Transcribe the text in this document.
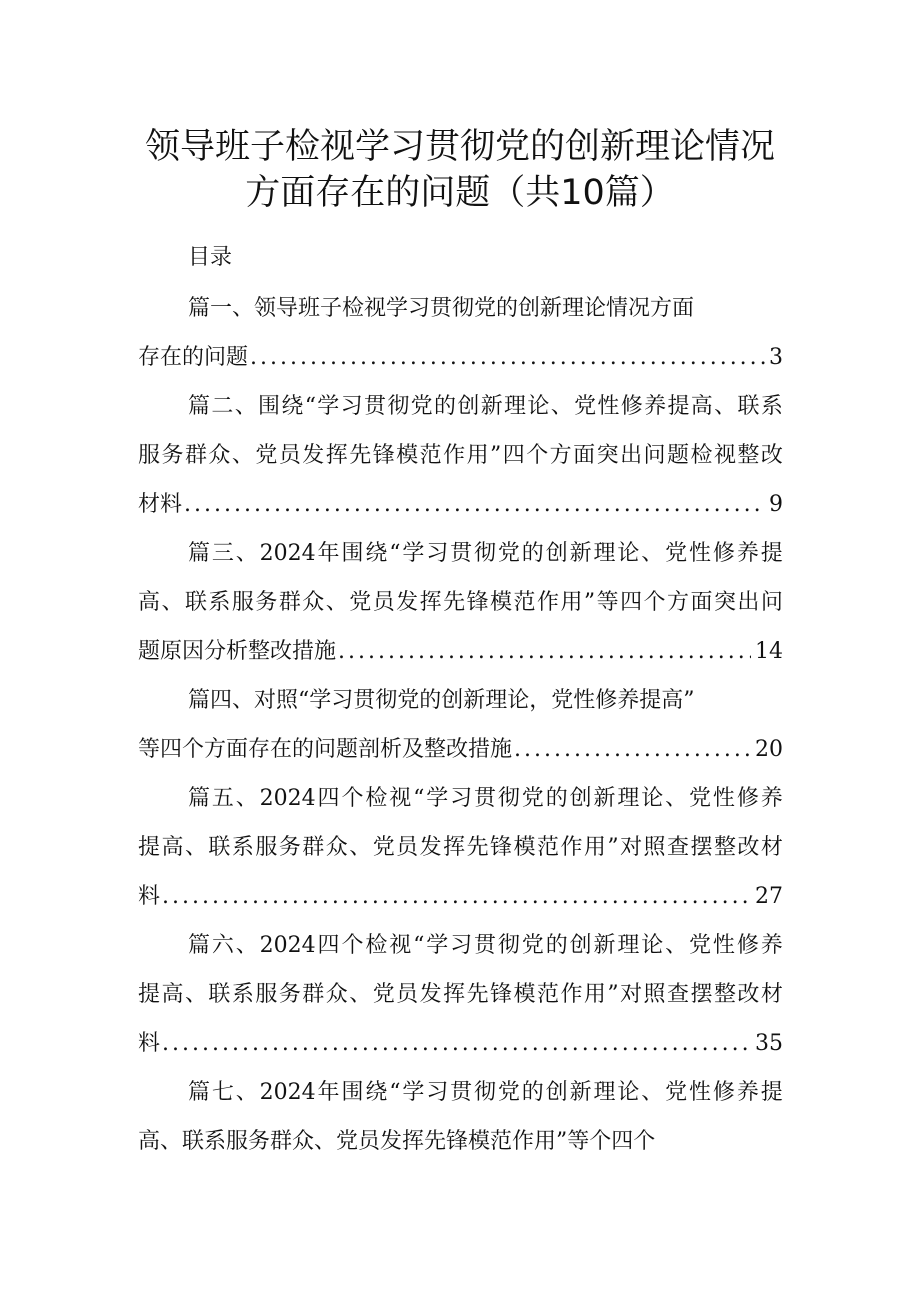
领导班子检视学习贯彻党的创新理论情况
方面存在的问题（共10篇）
目录
篇一、领导班子检视学习贯彻党的创新理论情况方面
存在的问题 .....	3
篇 二 、 围 绕 “ 学 习 贯 彻 党 的 创 新 理 论 、 党 性 修 养 提 高 、 联 系
服 务 群 众 、 党 员 发 挥 先 锋 模 范 作 用 ” 四 个 方 面 突 出 问 题 检 视 整 改
材料 .....	9
篇 三 、 2024 年 围 绕 “ 学 习 贯 彻 党 的 创 新 理 论 、 党 性 修 养 提
高 、 联 系 服 务 群 众 、 党 员 发 挥 先 锋 模 范 作 用 ” 等 四 个 方 面 突 出 问
题原因分析整改措施 .....	14
篇四、对照“学习贯彻党的创新理论，党性修养提高”
等四个方面存在的问题剖析及整改措施 .....	20
篇 五 、 2024 四 个 检 视 “ 学 习 贯 彻 党 的 创 新 理 论 、 党 性 修 养
提 高 、 联 系 服 务 群 众 、 党 员 发 挥 先 锋 模 范 作 用 ” 对 照 查 摆 整 改 材
料 .....	27
篇 六 、 2024 四 个 检 视 “ 学 习 贯 彻 党 的 创 新 理 论 、 党 性 修 养
提 高 、 联 系 服 务 群 众 、 党 员 发 挥 先 锋 模 范 作 用 ” 对 照 查 摆 整 改 材
料 .....	35
篇 七 、 2024 年 围 绕 “ 学 习 贯 彻 党 的 创 新 理 论 、 党 性 修 养 提
高、联系服务群众、党员发挥先锋模范作用”等个四个
